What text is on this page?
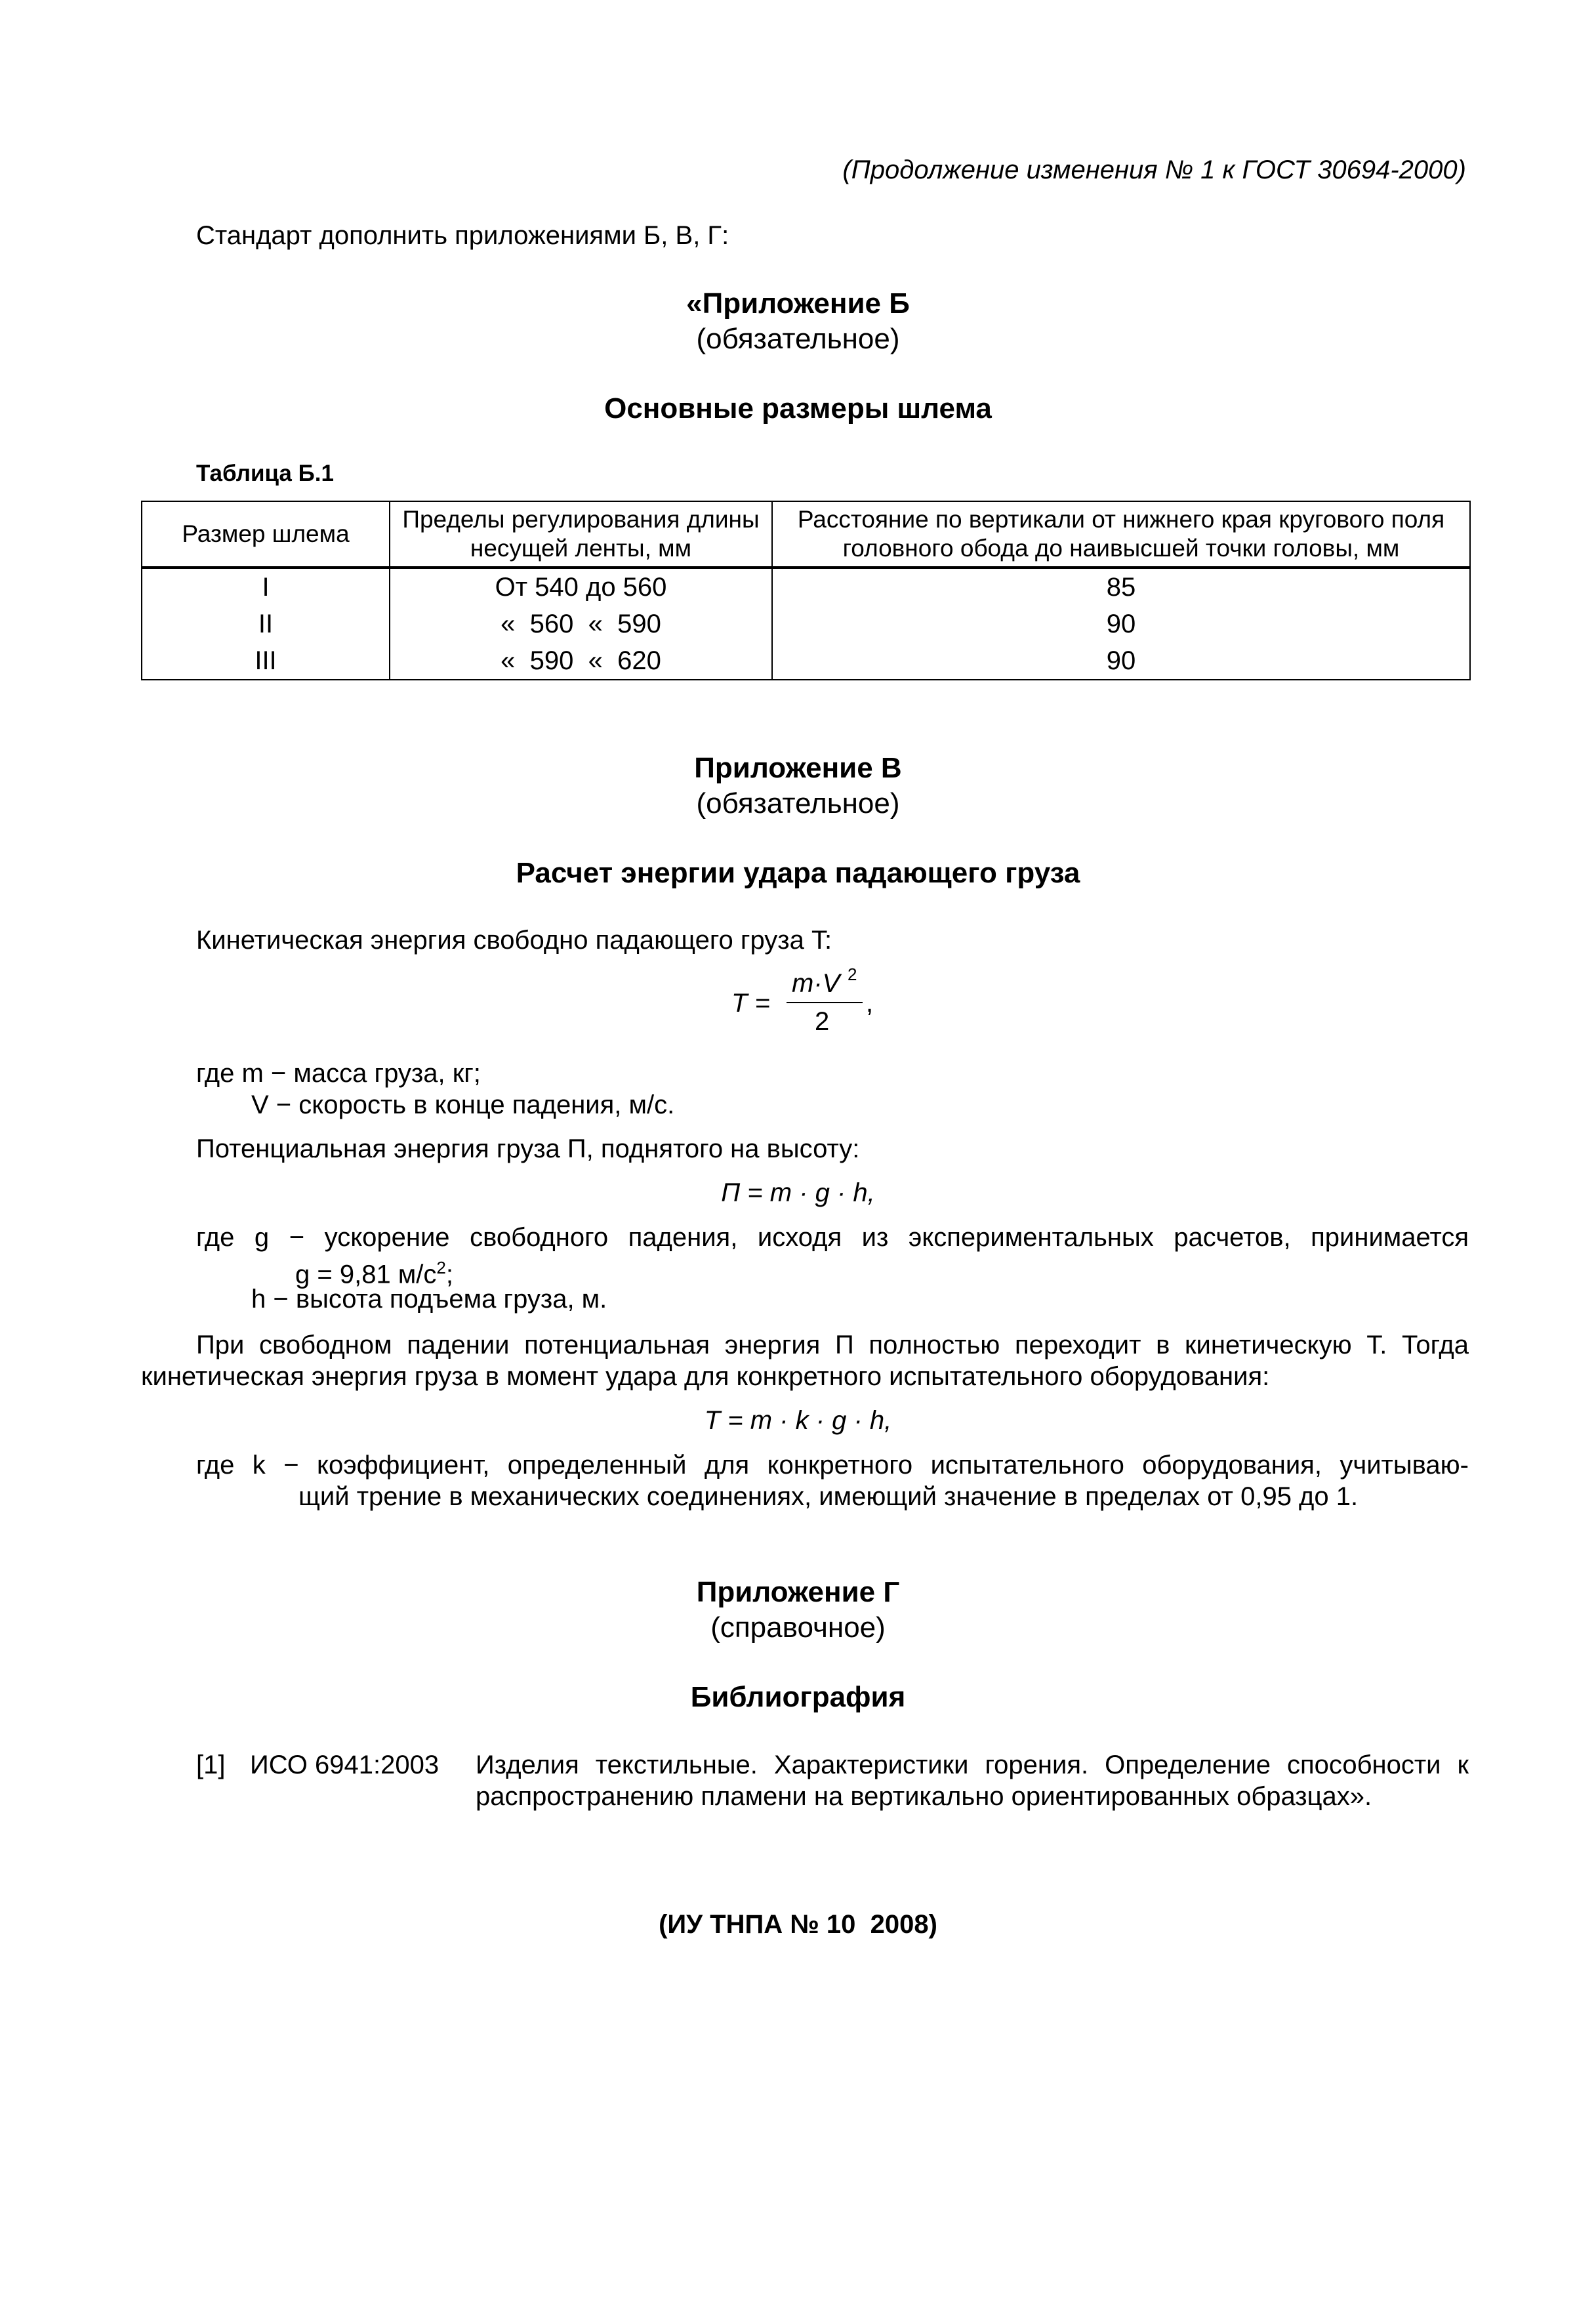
(Продолжение изменения № 1 к ГОСТ 30694-2000)
Стандарт дополнить приложениями Б, В, Г:
«Приложение Б
(обязательное)
Основные размеры шлема
Таблица Б.1
Размер шлема	Пределы регулирования длины несущей ленты, мм	Расстояние по вертикали от нижнего края кругового поля головного обода до наивысшей точки головы, мм
I	От 540 до 560	85
II	«  560  «  590	90
III	«  590  «  620	90
Приложение В
(обязательное)
Расчет энергии удара падающего груза
Кинетическая энергия свободно падающего груза T:
T =
m·V 2
2
,
где m − масса груза, кг;
V − скорость в конце падения, м/с.
Потенциальная энергия груза П, поднятого на высоту:
П = m · g · h,
где g − ускорение свободного падения, исходя из экспериментальных расчетов, принимается
g = 9,81 $м/с^2$;
h − высота подъема груза, м.
При свободном падении потенциальная энергия П полностью переходит в кинетическую T. Тогда
кинетическая энергия груза в момент удара для конкретного испытательного оборудования:
T = m · k · g · h,
где k − коэффициент, определенный для конкретного испытательного оборудования, учитываю-
щий трение в механических соединениях, имеющий значение в пределах от 0,95 до 1.
Приложение Г
(справочное)
Библиография
[1] ИСО 6941:2003 Изделия текстильные. Характеристики горения. Определение способности к
распространению пламени на вертикально ориентированных образцах».
(ИУ ТНПА № 10  2008)
